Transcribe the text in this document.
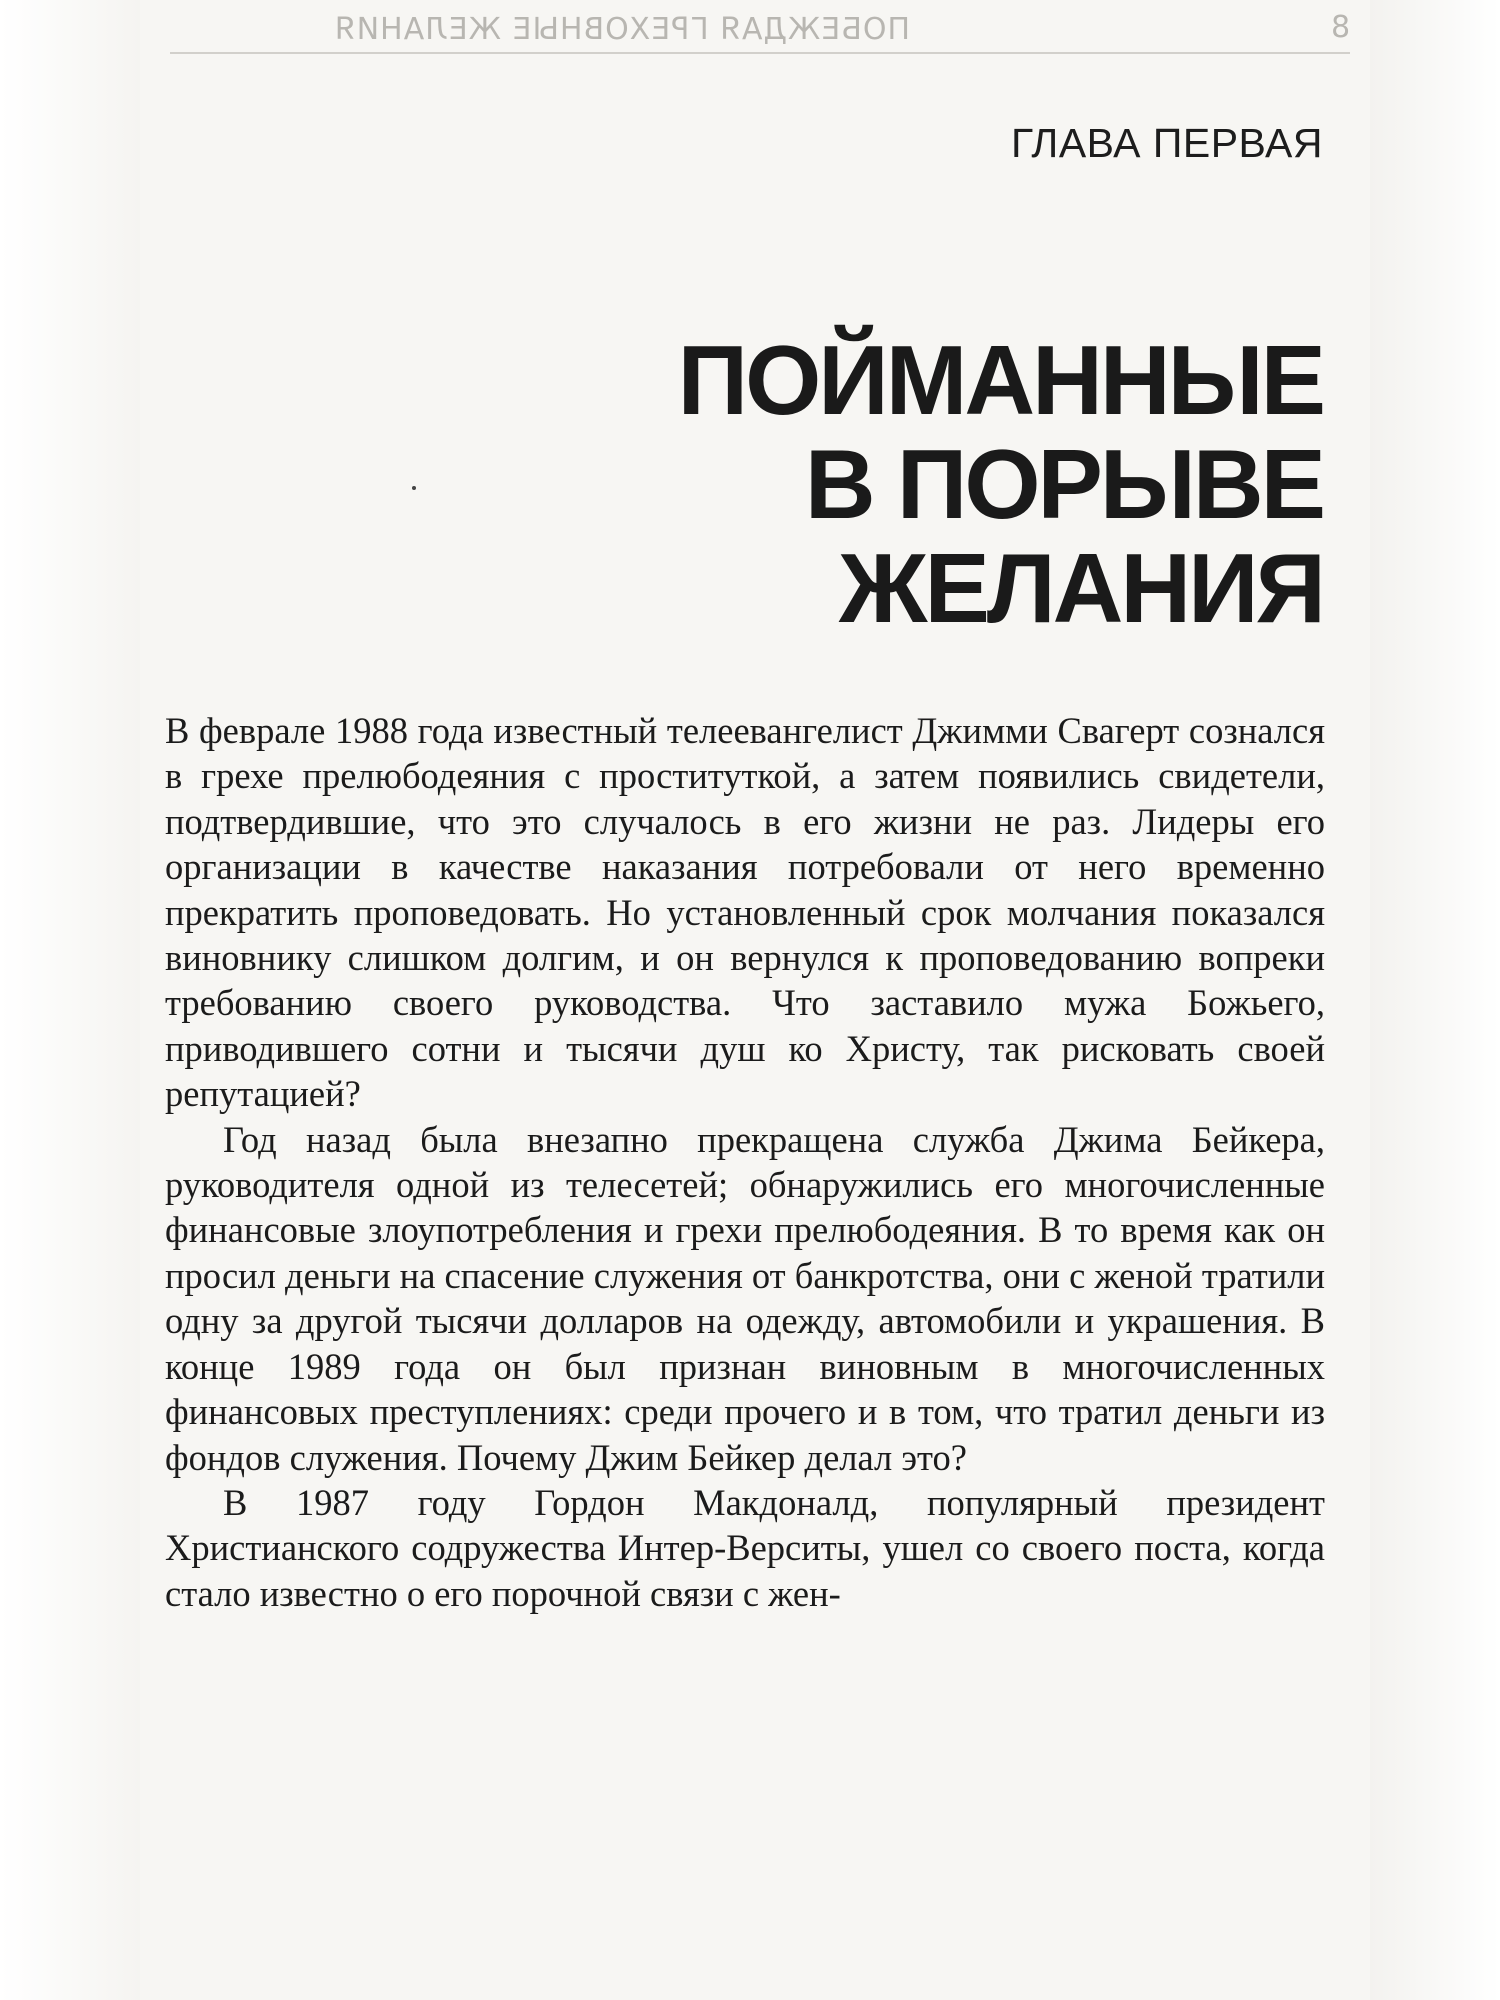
ПОБЕЖДАЯ ГРЕХОВНЫЕ ЖЕЛАНИЯ	8
ГЛАВА ПЕРВАЯ
ПОЙМАННЫЕ
В ПОРЫВЕ ЖЕЛАНИЯ

В феврале 1988 года известный телеевангелист Джимми Свагерт сознался в грехе прелюбодеяния с проституткой, а затем появились свидетели, подтвердившие, что это случалось в его жизни не раз. Лидеры его организации в качестве наказания потребовали от него временно прекратить проповедовать. Но установленный срок молчания показался виновнику слишком долгим, и он вернулся к проповедованию вопреки требованию своего руководства. Что заставило мужа Божьего, приводившего сотни и тысячи душ ко Христу, так рисковать своей репутацией?

Год назад была внезапно прекращена служба Джима Бейкера, руководителя одной из телесетей; обнаружились его многочисленные финансовые злоупотребления и грехи прелюбодеяния. В то время как он просил деньги на спасение служения от банкротства, они с женой тратили одну за другой тысячи долларов на одежду, автомобили и украшения. В конце 1989 года он был признан виновным в многочисленных финансовых преступлениях: среди прочего и в том, что тратил деньги из фондов служения. Почему Джим Бейкер делал это?

В 1987 году Гордон Макдоналд, популярный президент Христианского содружества Интер-Верситы, ушел со своего поста, когда стало известно о его порочной связи с жен-
